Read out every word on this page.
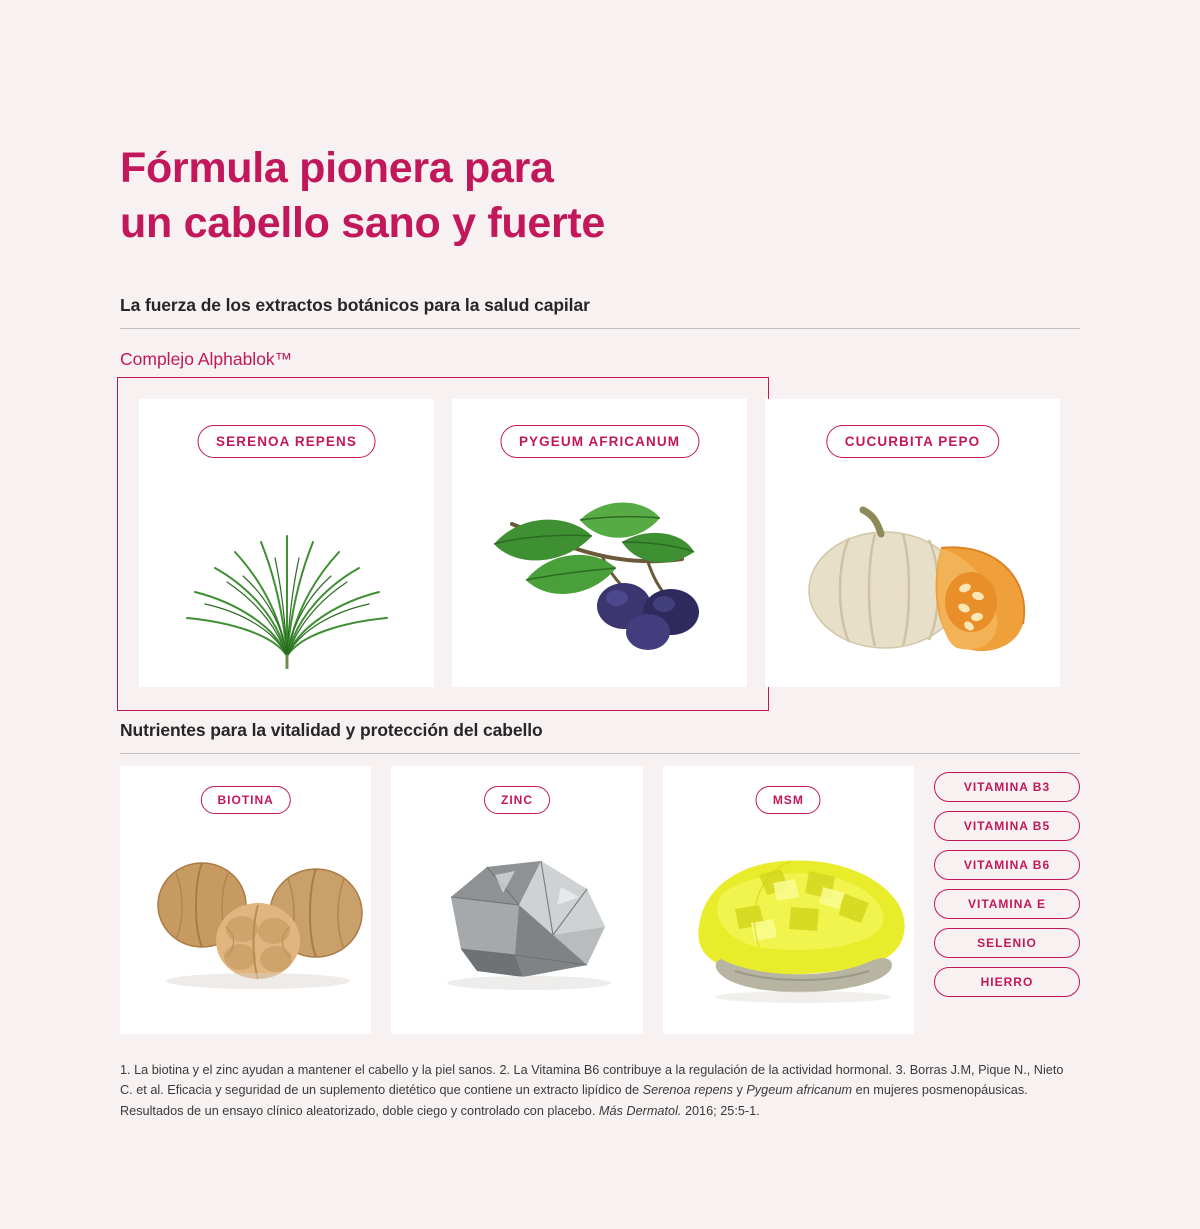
Fórmula pionera para
un cabello sano y fuerte
La fuerza de los extractos botánicos para la salud capilar
Complejo Alphablok™
SERENOA REPENS	PYGEUM AFRICANUM	CUCURBITA PEPO
Nutrientes para la vitalidad y protección del cabello
BIOTINA	ZINC	MSM
VITAMINA B3
VITAMINA B5
VITAMINA B6
VITAMINA E
SELENIO
HIERRO
1. La biotina y el zinc ayudan a mantener el cabello y la piel sanos. 2. La Vitamina B6 contribuye a la regulación de la actividad hormonal. 3. Borras J.M, Pique N., Nieto C. et al. Eficacia y seguridad de un suplemento dietético que contiene un extracto lipídico de Serenoa repens y Pygeum africanum en mujeres posmenopáusicas. Resultados de un ensayo clínico aleatorizado, doble ciego y controlado con placebo. Más Dermatol. 2016; 25:5-1.
